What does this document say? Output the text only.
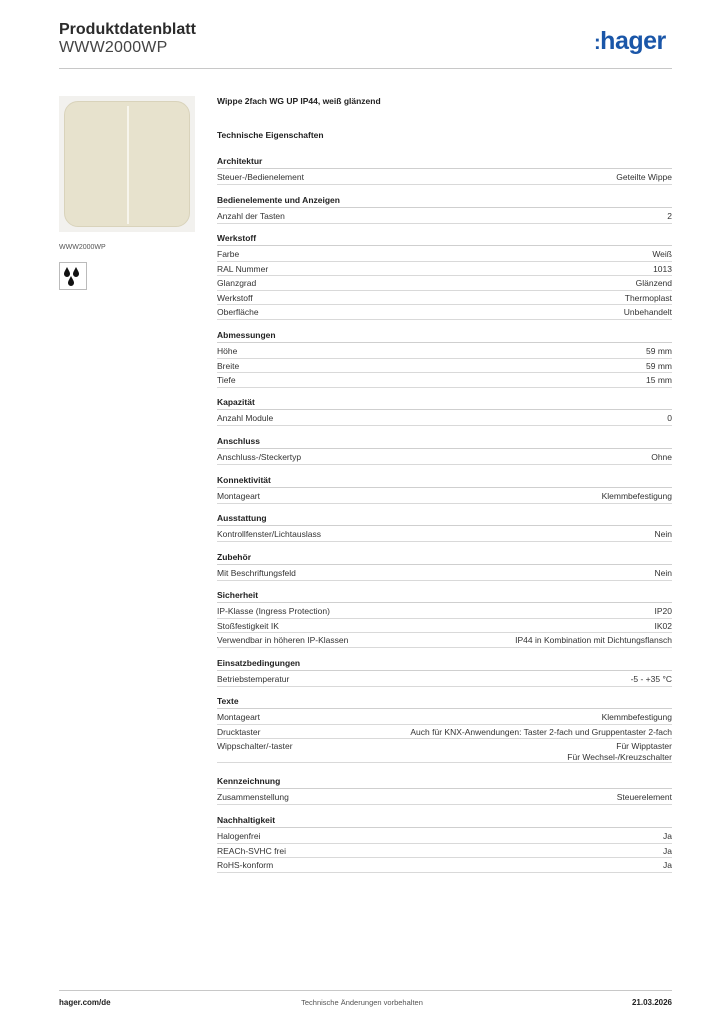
Produktdatenblatt
WWW2000WP	:hager
WWW2000WP
Wippe 2fach WG UP IP44, weiß glänzend
Technische Eigenschaften
Architektur
Steuer-/Bedienelement	Geteilte Wippe
Bedienelemente und Anzeigen
Anzahl der Tasten	2
Werkstoff
Farbe	Weiß
RAL Nummer	1013
Glanzgrad	Glänzend
Werkstoff	Thermoplast
Oberfläche	Unbehandelt
Abmessungen
Höhe	59 mm
Breite	59 mm
Tiefe	15 mm
Kapazität
Anzahl Module	0
Anschluss
Anschluss-/Steckertyp	Ohne
Konnektivität
Montageart	Klemmbefestigung
Ausstattung
Kontrollfenster/Lichtauslass	Nein
Zubehör
Mit Beschriftungsfeld	Nein
Sicherheit
IP-Klasse (Ingress Protection)	IP20
Stoßfestigkeit IK	IK02
Verwendbar in höheren IP-Klassen	IP44 in Kombination mit Dichtungsflansch
Einsatzbedingungen
Betriebstemperatur	-5 - +35 °C
Texte
Montageart	Klemmbefestigung
Drucktaster	Auch für KNX-Anwendungen: Taster 2-fach und Gruppentaster 2-fach
Wippschalter/-taster	Für Wipptaster
Für Wechsel-/Kreuzschalter
Kennzeichnung
Zusammenstellung	Steuerelement
Nachhaltigkeit
Halogenfrei	Ja
REACh-SVHC frei	Ja
RoHS-konform	Ja
hager.com/de	Technische Änderungen vorbehalten	21.03.2026
